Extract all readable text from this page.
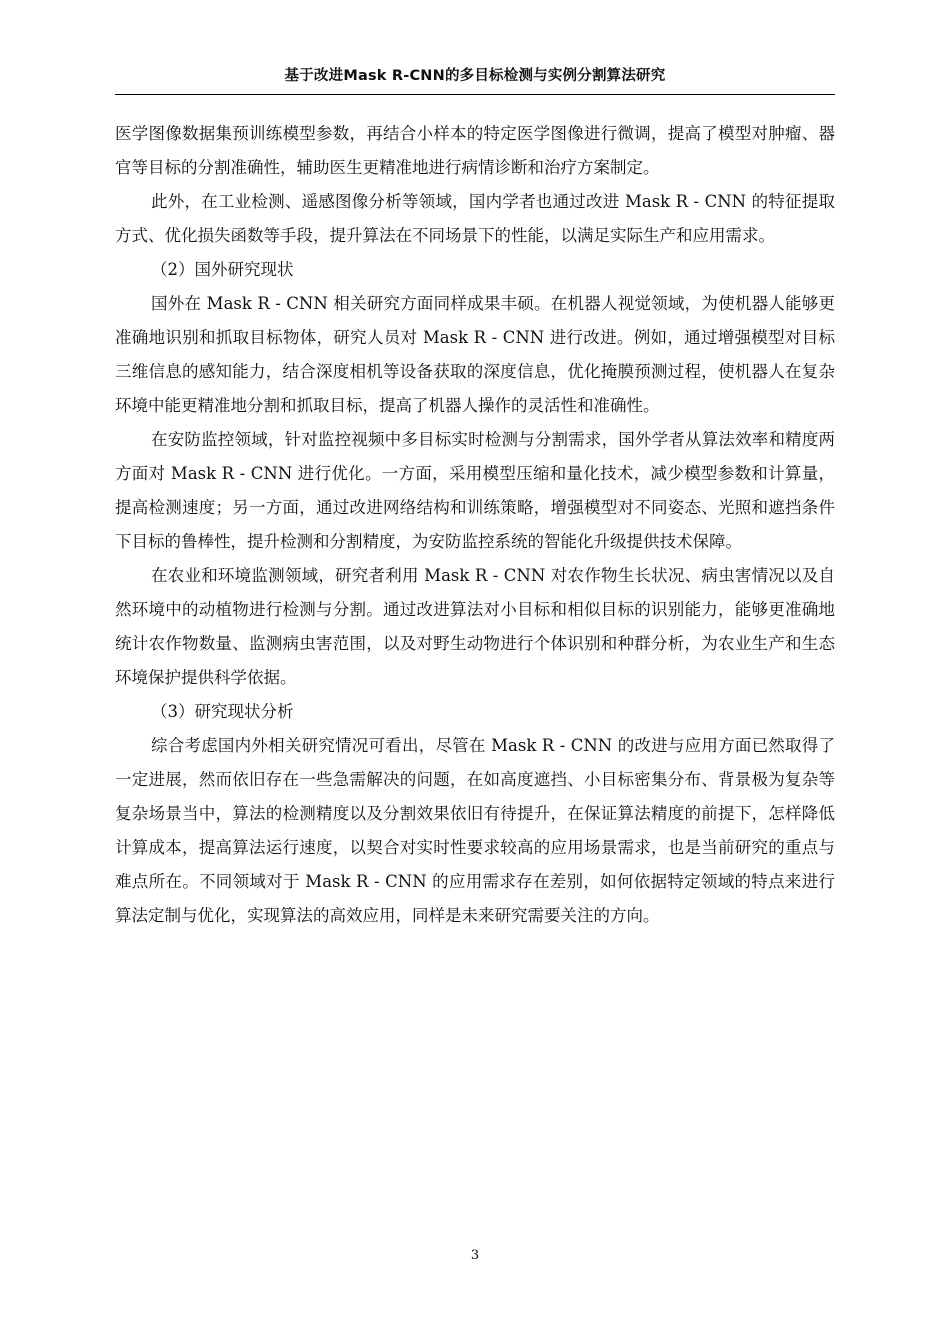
基于改进Mask R-CNN的多目标检测与实例分割算法研究

医学图像数据集预训练模型参数，再结合小样本的特定医学图像进行微调，提高了模型对肿瘤、器官等目标的分割准确性，辅助医生更精准地进行病情诊断和治疗方案制定。

此外，在工业检测、遥感图像分析等领域，国内学者也通过改进 Mask R - CNN 的特征提取方式、优化损失函数等手段，提升算法在不同场景下的性能，以满足实际生产和应用需求。

（2）国外研究现状

国外在 Mask R - CNN 相关研究方面同样成果丰硕。在机器人视觉领域，为使机器人能够更准确地识别和抓取目标物体，研究人员对 Mask R - CNN 进行改进。例如，通过增强模型对目标三维信息的感知能力，结合深度相机等设备获取的深度信息，优化掩膜预测过程，使机器人在复杂环境中能更精准地分割和抓取目标，提高了机器人操作的灵活性和准确性。

在安防监控领域，针对监控视频中多目标实时检测与分割需求，国外学者从算法效率和精度两方面对 Mask R - CNN 进行优化。一方面，采用模型压缩和量化技术，减少模型参数和计算量，提高检测速度；另一方面，通过改进网络结构和训练策略，增强模型对不同姿态、光照和遮挡条件下目标的鲁棒性，提升检测和分割精度，为安防监控系统的智能化升级提供技术保障。

在农业和环境监测领域，研究者利用 Mask R - CNN 对农作物生长状况、病虫害情况以及自然环境中的动植物进行检测与分割。通过改进算法对小目标和相似目标的识别能力，能够更准确地统计农作物数量、监测病虫害范围，以及对野生动物进行个体识别和种群分析，为农业生产和生态环境保护提供科学依据。

（3）研究现状分析

综合考虑国内外相关研究情况可看出，尽管在 Mask R - CNN 的改进与应用方面已然取得了一定进展，然而依旧存在一些急需解决的问题，在如高度遮挡、小目标密集分布、背景极为复杂等复杂场景当中，算法的检测精度以及分割效果依旧有待提升，在保证算法精度的前提下，怎样降低计算成本，提高算法运行速度，以契合对实时性要求较高的应用场景需求，也是当前研究的重点与难点所在。不同领域对于 Mask R - CNN 的应用需求存在差别，如何依据特定领域的特点来进行算法定制与优化，实现算法的高效应用，同样是未来研究需要关注的方向。

3
